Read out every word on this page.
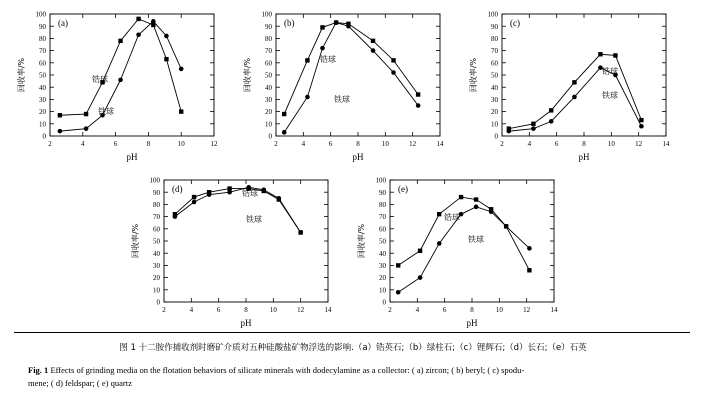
0
10
20
30
40
50
60
70
80
90
100
2	4	6	8	10	12
pH
回收率/%
(a)
锆球
铁球
0
10
20
30
40
50
60
70
80
90
100
2	4	6	8	10	12	14
pH
回收率/%
(b)
锆球
铁球
0
10
20
30
40
50
60
70
80
90
100
2	4	6	8	10	12	14
pH
回收率/%
(c)
锆球
铁球
0
10
20
30
40
50
60
70
80
90
100
2	4	6	8	10	12	14
pH
回收率/%
(d)	锆球
铁球
0
10
20
30
40
50
60
70
80
90
100
2	4	6	8	10	12	14
pH
回收率/%
(e)
锆球
铁球
图 1 十二胺作捕收剂时磨矿介质对五种硅酸盐矿物浮选的影响.（a）锆英石;（b）绿柱石;（c）锂辉石;（d）长石;（e）石英
Fig. 1 Effects of grinding media on the flotation behaviors of silicate minerals with dodecylamine as a collector: ( a) zircon; ( b) beryl; ( c) spodu-
mene; ( d) feldspar; ( e) quartz
